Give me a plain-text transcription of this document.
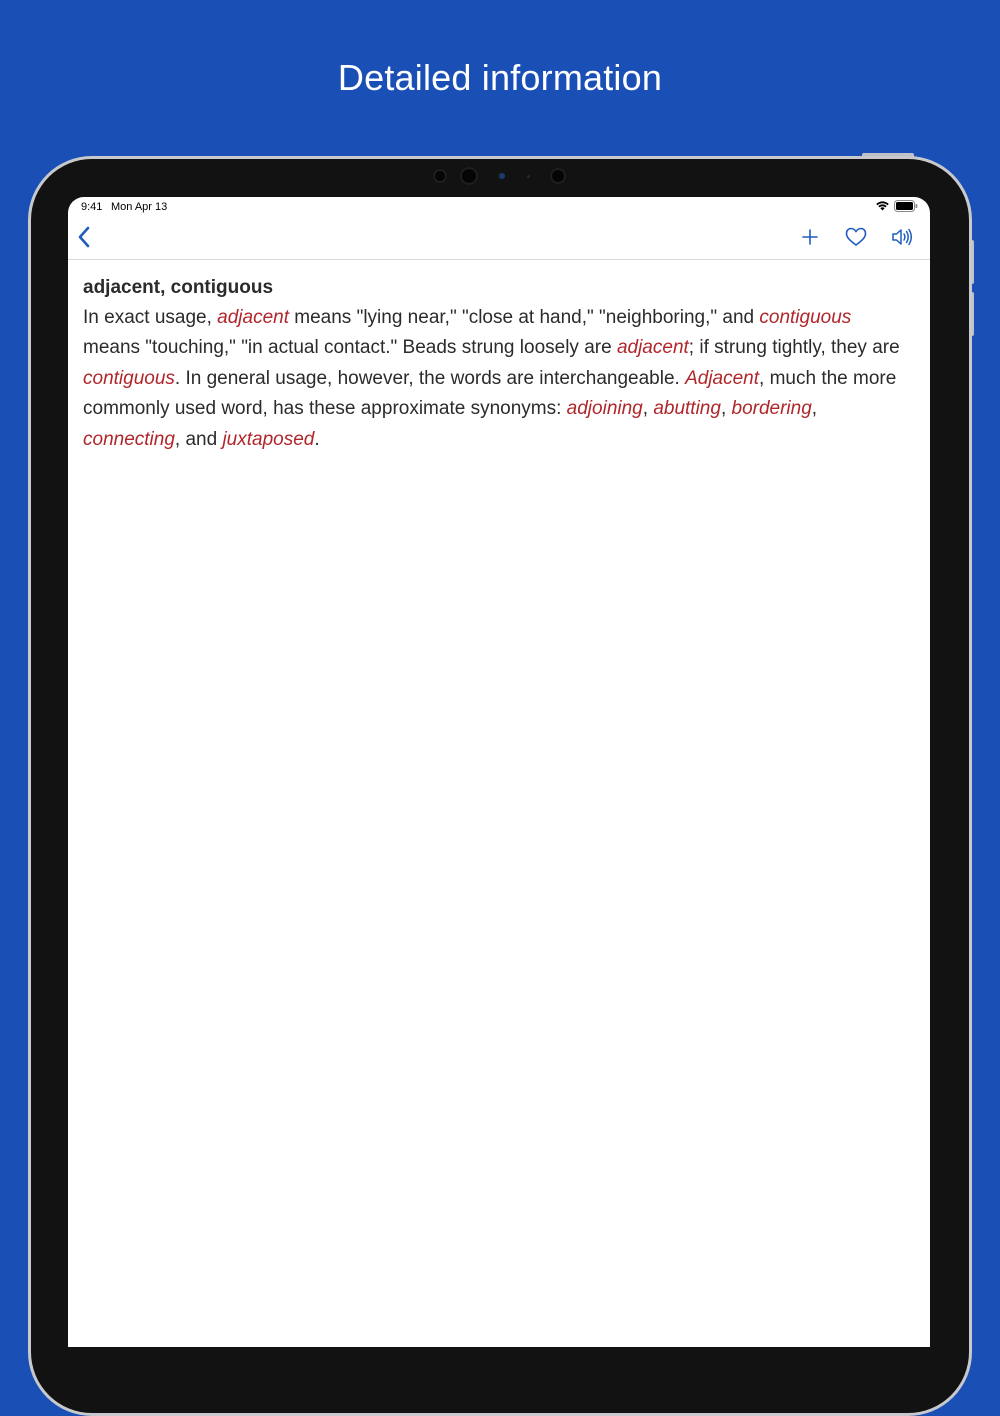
Detailed information
9:41 Mon Apr 13
adjacent, contiguous

In exact usage, adjacent means "lying near," "close at hand," "neighboring," and contiguous means "touching," "in actual contact." Beads strung loosely are adjacent; if strung tightly, they are contiguous. In general usage, however, the words are interchangeable. Adjacent, much the more commonly used word, has these approximate synonyms: adjoining, abutting, bordering, connecting, and juxtaposed.
